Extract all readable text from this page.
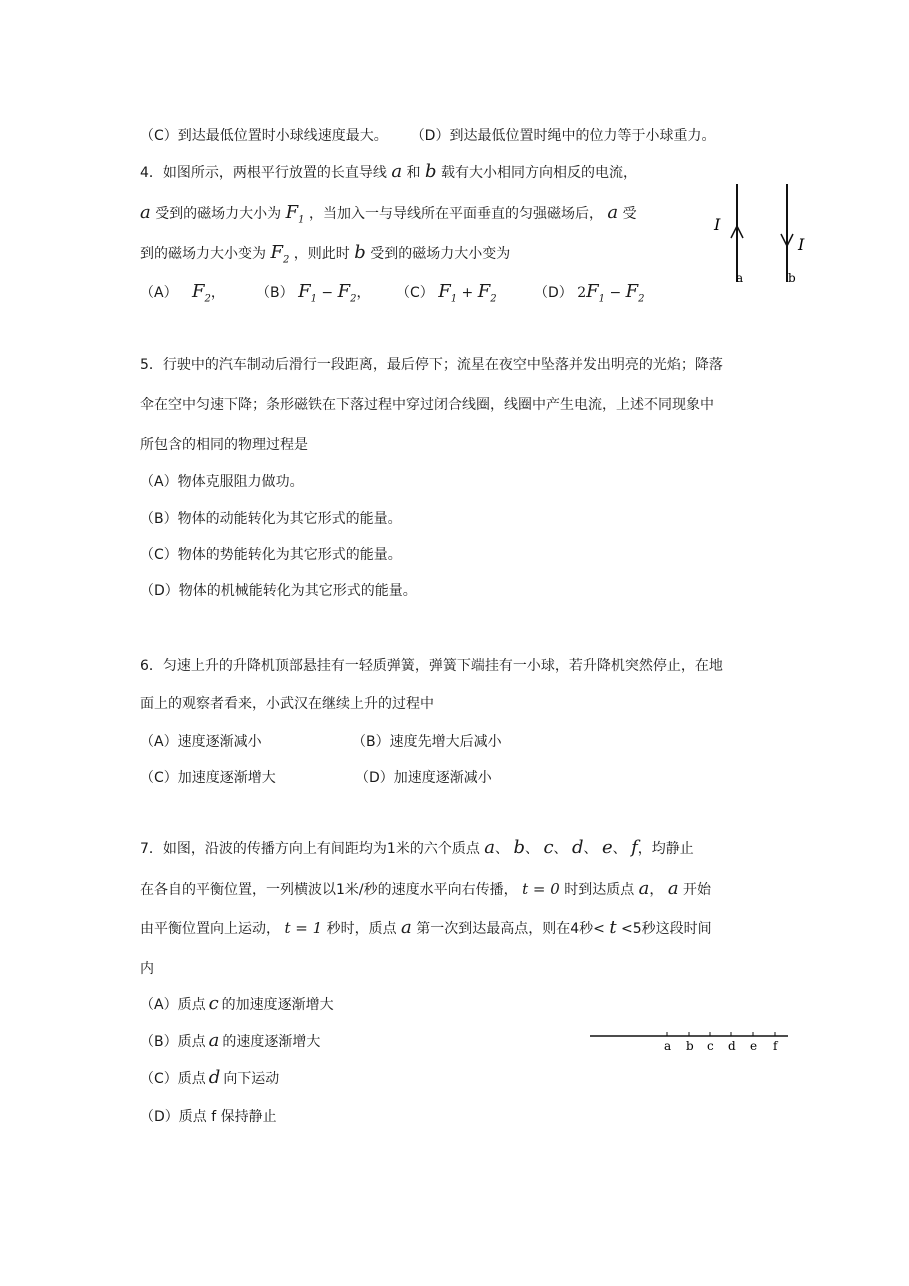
（C）到达最低位置时小球线速度最大。 （D）到达最低位置时绳中的位力等于小球重力。
4．如图所示，两根平行放置的长直导线 a 和 b 载有大小相同方向相反的电流，
a 受到的磁场力大小为 $F_1$ ，当加入一与导线所在平面垂直的匀强磁场后， a 受
到的磁场力大小变为 $F_2$ ，则此时 b 受到的磁场力大小变为
（A） $F_2$， （B） $F_1 - F_2$， （C） $F_1 + F_2$	（D） $2F_1 - F_2$
I
a
I
b
5．行驶中的汽车制动后滑行一段距离，最后停下；流星在夜空中坠落并发出明亮的光焰；降落
伞在空中匀速下降；条形磁铁在下落过程中穿过闭合线圈，线圈中产生电流，上述不同现象中
所包含的相同的物理过程是
（A）物体克服阻力做功。
（B）物体的动能转化为其它形式的能量。
（C）物体的势能转化为其它形式的能量。
（D）物体的机械能转化为其它形式的能量。
6．匀速上升的升降机顶部悬挂有一轻质弹簧，弹簧下端挂有一小球，若升降机突然停止，在地
面上的观察者看来，小武汉在继续上升的过程中
（A）速度逐渐减小	（B）速度先增大后减小
（C）加速度逐渐增大	（D）加速度逐渐减小
7．如图，沿波的传播方向上有间距均为1米的六个质点 a、 b、 c、 d、 e、 f，均静止
在各自的平衡位置，一列横波以1米/秒的速度水平向右传播， t = 0 时到达质点 a， a 开始
由平衡位置向上运动， t = 1 秒时，质点 a 第一次到达最高点，则在4秒< t <5秒这段时间
内
（A）质点 c 的加速度逐渐增大
（B）质点 a 的速度逐渐增大
（C）质点 d 向下运动
（D）质点 f 保持静止
a b c d e f
